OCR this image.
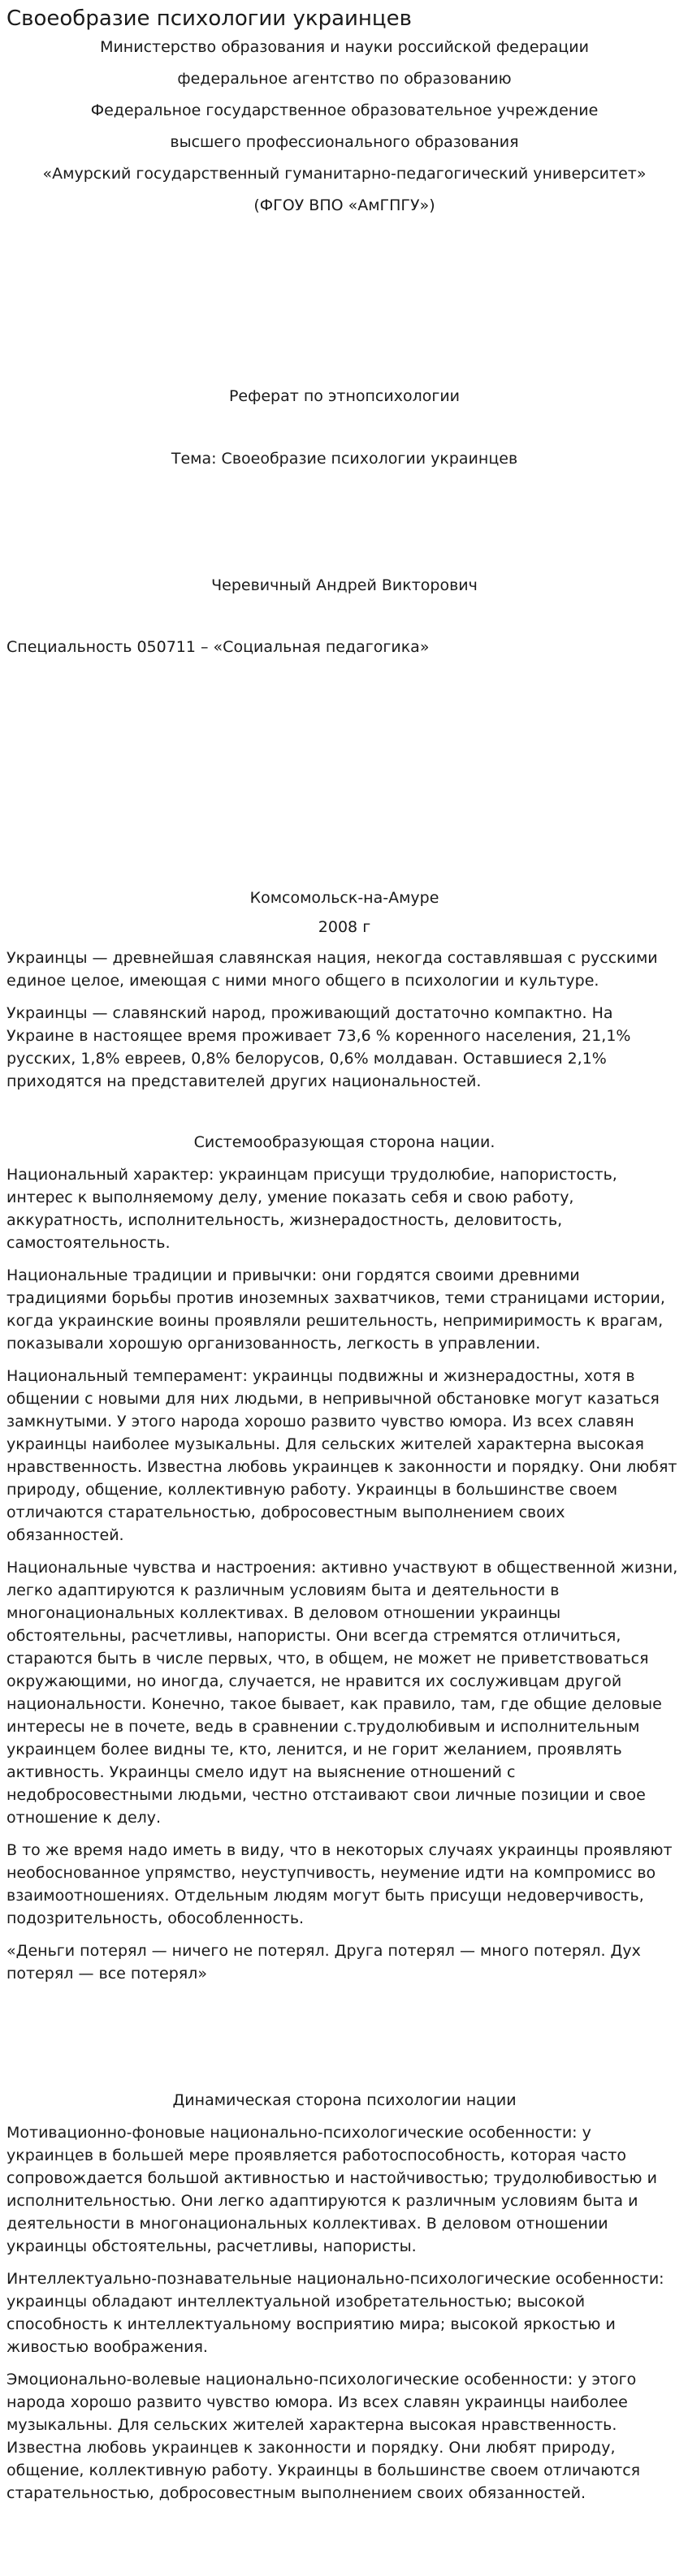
Своеобразие психологии украинцев

Министерство образования и науки российской федерации

федеральное агентство по образованию

Федеральное государственное образовательное учреждение

высшего профессионального образования

«Амурский государственный гуманитарно-педагогический университет»

(ФГОУ ВПО «АмГПГУ»)

Реферат по этнопсихологии
Тема: Своеобразие психологии украинцев
Черевичный Андрей Викторович
Специальность 050711 – «Социальная педагогика»
Комсомольск-на-Амуре
2008 г

Украинцы — древнейшая славянская нация, некогда составлявшая с русскими единое целое, имеющая с ними много общего в психологии и культуре.

Украинцы — славянский народ, проживающий достаточно компактно. На Украине в настоящее время проживает 73,6 % коренного населения, 21,1% русских, 1,8% евреев, 0,8% белорусов, 0,6% молдаван. Оставшиеся 2,1% приходятся на представителей других национальностей.

Системообразующая сторона нации.

Национальный характер: украинцам присущи трудолюбие, напористость, интерес к выполняемому делу, умение показать себя и свою работу, аккуратность, исполнительность, жизнерадостность, деловитость, самостоятельность.

Национальные традиции и привычки: они гордятся своими древними традициями борьбы против иноземных захватчиков, теми страницами истории, когда украинские воины проявляли решительность, непримиримость к врагам, показывали хорошую организованность, легкость в управлении.

Национальный темперамент: украинцы подвижны и жизнерадостны, хотя в общении с новыми для них людьми, в непривычной обстановке могут казаться замкнутыми. У этого народа хорошо развито чувство юмора. Из всех славян украинцы наиболее музыкальны. Для сельских жителей характерна высокая нравственность. Известна любовь украинцев к законности и порядку. Они любят природу, общение, коллективную работу. Украинцы в большинстве своем отличаются старательностью, добросовестным выполнением своих обязанностей.

Национальные чувства и настроения: активно участвуют в общественной жизни, легко адаптируются к различным условиям быта и деятельности в многонациональных коллективах. В деловом отношении украинцы обстоятельны, расчетливы, напористы. Они всегда стремятся отличиться, стараются быть в числе первых, что, в общем, не может не приветствоваться окружающими, но иногда, случается, не нравится их сослуживцам другой национальности. Конечно, такое бывает, как правило, там, где общие деловые интересы не в почете, ведь в сравнении с.трудолюбивым и исполнительным украинцем более видны те, кто, ленится, и не горит желанием, проявлять активность. Украинцы смело идут на выяснение отношений с недобросовестными людьми, честно отстаивают свои личные позиции и свое отношение к делу.

В то же время надо иметь в виду, что в некоторых случаях украинцы проявляют необоснованное упрямство, неуступчивость, неумение идти на компромисс во взаимоотношениях. Отдельным людям могут быть присущи недоверчивость, подозрительность, обособленность.

«Деньги потерял — ничего не потерял. Друга потерял — много потерял. Дух потерял — все потерял»

Динамическая сторона психологии нации

Мотивационно-фоновые национально-психологические особенности: у украинцев в большей мере проявляется работоспособность, которая часто сопровождается большой активностью и настойчивостью; трудолюбивостью и исполнительностью. Они легко адаптируются к различным условиям быта и деятельности в многонациональных коллективах. В деловом отношении украинцы обстоятельны, расчетливы, напористы.

Интеллектуально-познавательные национально-психологические особенности: украинцы обладают интеллектуальной изобретательностью; высокой способность к интеллектуальному восприятию мира; высокой яркостью и живостью воображения.

Эмоционально-волевые национально-психологические особенности: у этого народа хорошо развито чувство юмора. Из всех славян украинцы наиболее музыкальны. Для сельских жителей характерна высокая нравственность. Известна любовь украинцев к законности и порядку. Они любят природу, общение, коллективную работу. Украинцы в большинстве своем отличаются старательностью, добросовестным выполнением своих обязанностей.
